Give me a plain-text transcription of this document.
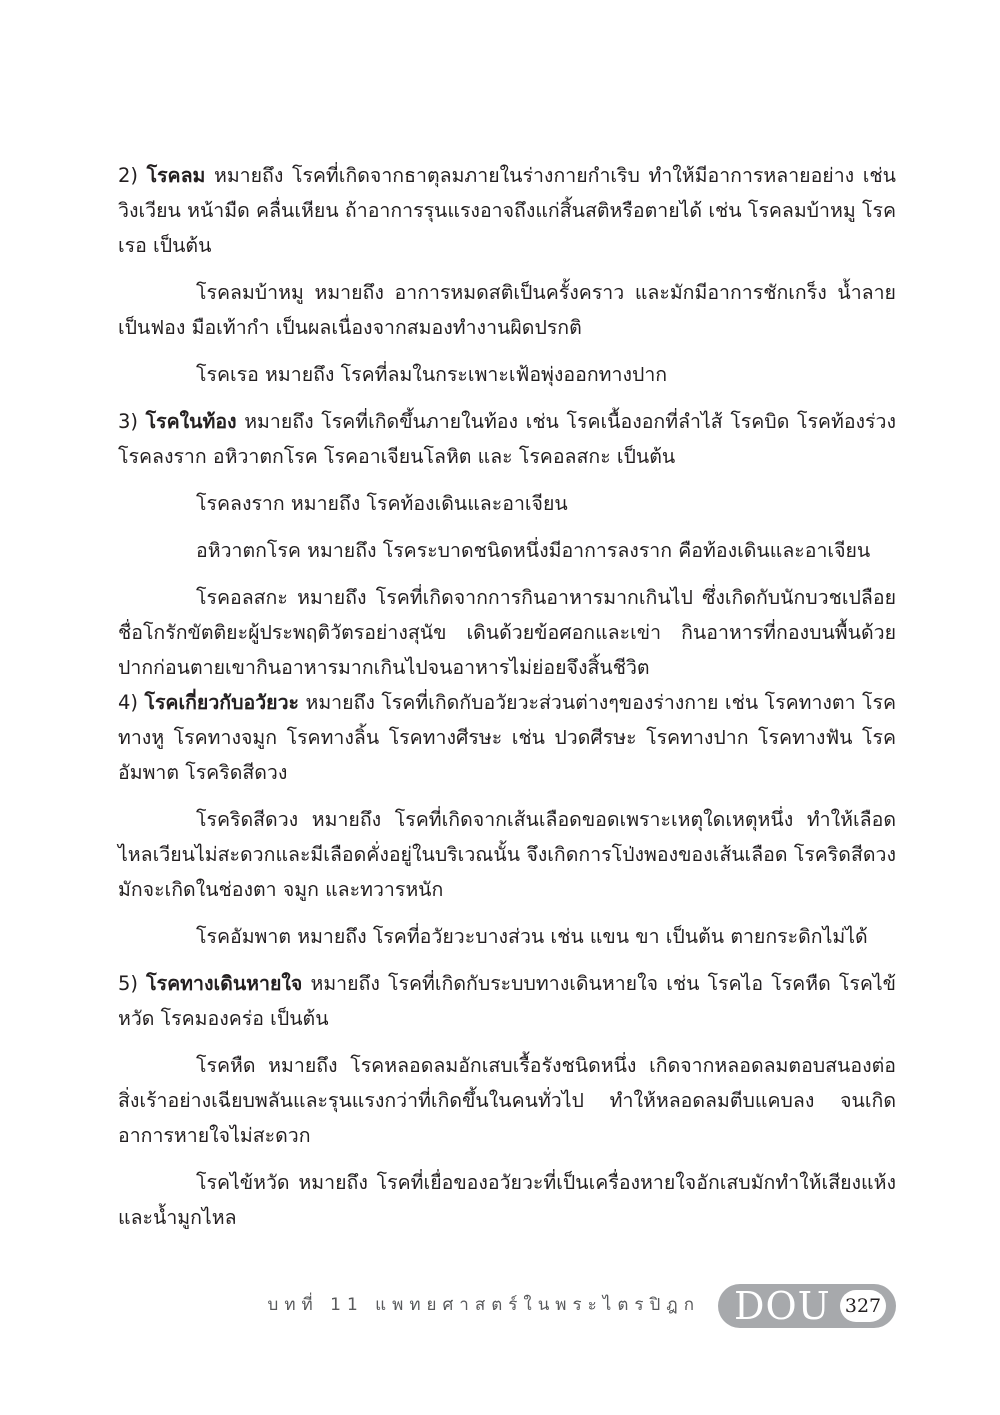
2) โรคลม หมายถึง โรคที่เกิดจากธาตุลมภายในร่างกายกำเริบ ทำให้มีอาการหลายอย่าง เช่น วิงเวียน หน้ามืด คลื่นเหียน ถ้าอาการรุนแรงอาจถึงแก่สิ้นสติหรือตายได้ เช่น โรคลมบ้าหมู โรคเรอ เป็นต้น

โรคลมบ้าหมู หมายถึง อาการหมดสติเป็นครั้งคราว และมักมีอาการชักเกร็ง น้ำลายเป็นฟอง มือเท้ากำ เป็นผลเนื่องจากสมองทำงานผิดปรกติ

โรคเรอ หมายถึง โรคที่ลมในกระเพาะเฟ้อพุ่งออกทางปาก

3) โรคในท้อง หมายถึง โรคที่เกิดขึ้นภายในท้อง เช่น โรคเนื้องอกที่ลำไส้ โรคบิด โรคท้องร่วง โรคลงราก อหิวาตกโรค โรคอาเจียนโลหิต และ โรคอลสกะ เป็นต้น

โรคลงราก หมายถึง โรคท้องเดินและอาเจียน

อหิวาตกโรค หมายถึง โรคระบาดชนิดหนึ่งมีอาการลงราก คือท้องเดินและอาเจียน

โรคอลสกะ หมายถึง โรคที่เกิดจากการกินอาหารมากเกินไป ซึ่งเกิดกับนักบวชเปลือยชื่อโกรักขัตติยะผู้ประพฤติวัตรอย่างสุนัข เดินด้วยข้อศอกและเข่า กินอาหารที่กองบนพื้นด้วยปากก่อนตายเขากินอาหารมากเกินไปจนอาหารไม่ย่อยจึงสิ้นชีวิต

4) โรคเกี่ยวกับอวัยวะ หมายถึง โรคที่เกิดกับอวัยวะส่วนต่างๆของร่างกาย เช่น โรคทางตา โรคทางหู โรคทางจมูก โรคทางลิ้น โรคทางศีรษะ เช่น ปวดศีรษะ โรคทางปาก โรคทางฟัน โรคอัมพาต โรคริดสีดวง

โรคริดสีดวง หมายถึง โรคที่เกิดจากเส้นเลือดขอดเพราะเหตุใดเหตุหนึ่ง ทำให้เลือดไหลเวียนไม่สะดวกและมีเลือดคั่งอยู่ในบริเวณนั้น จึงเกิดการโป่งพองของเส้นเลือด โรคริดสีดวงมักจะเกิดในช่องตา จมูก และทวารหนัก

โรคอัมพาต หมายถึง โรคที่อวัยวะบางส่วน เช่น แขน ขา เป็นต้น ตายกระดิกไม่ได้

5) โรคทางเดินหายใจ หมายถึง โรคที่เกิดกับระบบทางเดินหายใจ เช่น โรคไอ โรคหืด โรคไข้หวัด โรคมองคร่อ เป็นต้น

โรคหืด หมายถึง โรคหลอดลมอักเสบเรื้อรังชนิดหนึ่ง เกิดจากหลอดลมตอบสนองต่อสิ่งเร้าอย่างเฉียบพลันและรุนแรงกว่าที่เกิดขึ้นในคนทั่วไป ทำให้หลอดลมตีบแคบลง จนเกิดอาการหายใจไม่สะดวก

โรคไข้หวัด หมายถึง โรคที่เยื่อของอวัยวะที่เป็นเครื่องหายใจอักเสบมักทำให้เสียงแห้งและน้ำมูกไหล

บทที่ 11 แพทยศาสตร์ในพระไตรปิฎก DOU 327
